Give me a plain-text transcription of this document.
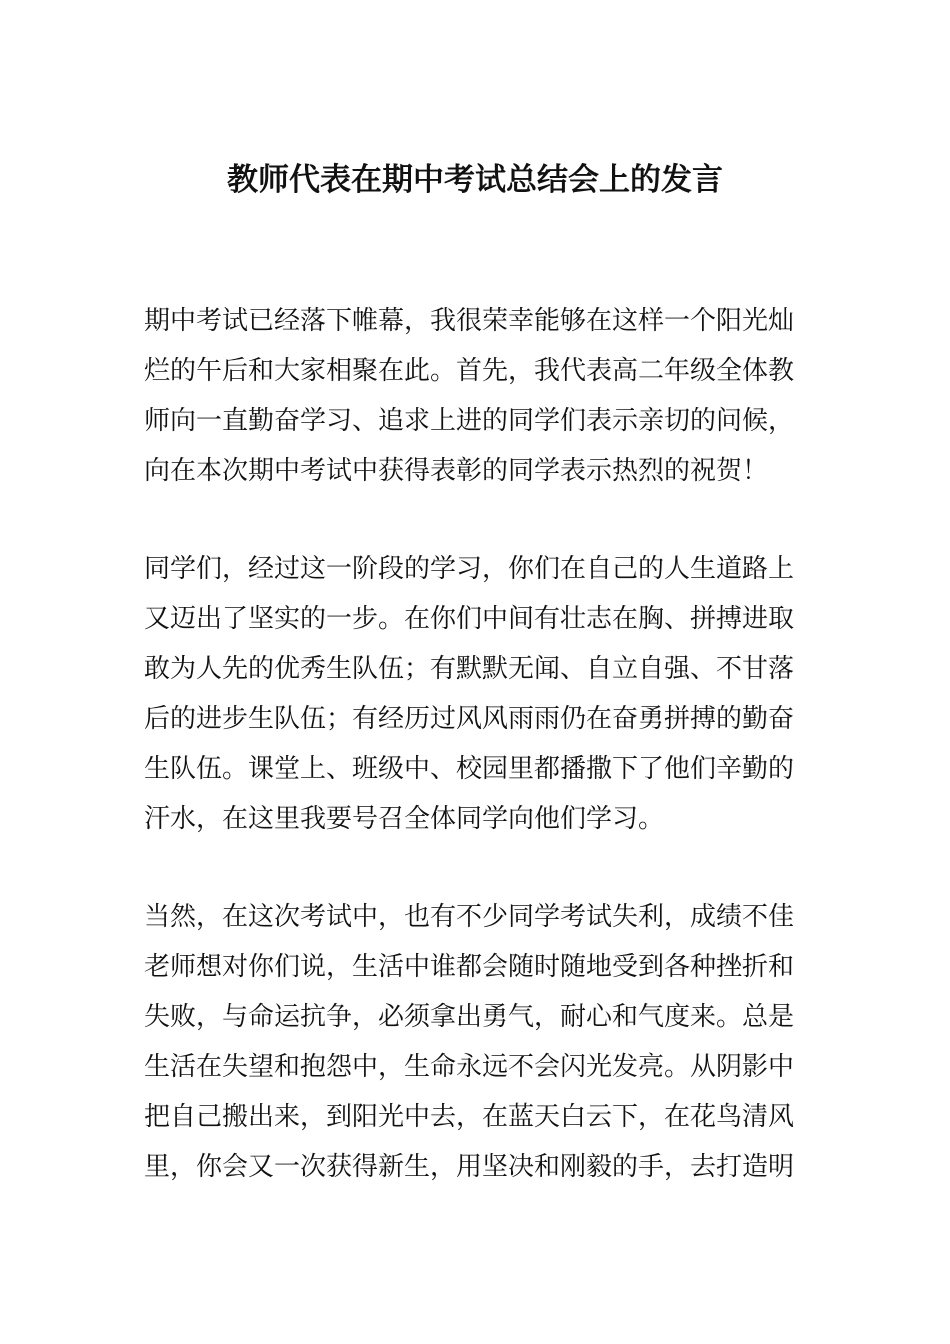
教师代表在期中考试总结会上的发言
期中考试已经落下帷幕，我很荣幸能够在这样一个阳光灿
烂的午后和大家相聚在此。首先，我代表高二年级全体教
师向一直勤奋学习、追求上进的同学们表示亲切的问候，
向在本次期中考试中获得表彰的同学表示热烈的祝贺！
同学们，经过这一阶段的学习，你们在自己的人生道路上
又迈出了坚实的一步。在你们中间有壮志在胸、拼搏进取
敢为人先的优秀生队伍；有默默无闻、自立自强、不甘落
后的进步生队伍；有经历过风风雨雨仍在奋勇拼搏的勤奋
生队伍。课堂上、班级中、校园里都播撒下了他们辛勤的
汗水，在这里我要号召全体同学向他们学习。
当然，在这次考试中，也有不少同学考试失利，成绩不佳
老师想对你们说，生活中谁都会随时随地受到各种挫折和
失败，与命运抗争，必须拿出勇气，耐心和气度来。总是
生活在失望和抱怨中，生命永远不会闪光发亮。从阴影中
把自己搬出来，到阳光中去，在蓝天白云下，在花鸟清风
里，你会又一次获得新生，用坚决和刚毅的手，去打造明
